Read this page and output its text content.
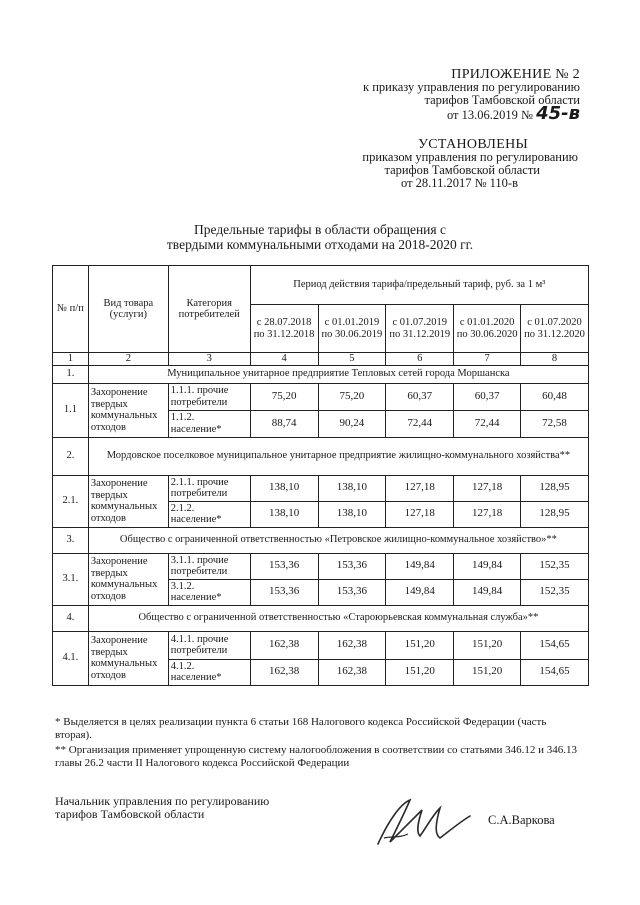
ПРИЛОЖЕНИЕ № 2
к приказу управления по регулированию
тарифов Тамбовской области
от 13.06.2019 № 45-в
УСТАНОВЛЕНЫ
приказом управления по регулированию
тарифов Тамбовской области
от 28.11.2017 № 110-в
Предельные тарифы в области обращения с
твердыми коммунальными отходами на 2018-2020 гг.
№ п/п	Вид товара (услуги)	Категория потребителей	Период действия тарифа/предельный тариф, руб. за 1 м³				
			с 28.07.2018 по 31.12.2018	с 01.01.2019 по 30.06.2019	с 01.07.2019 по 31.12.2019	с 01.01.2020 по 30.06.2020	с 01.07.2020 по 31.12.2020
1	2	3	4	5	6	7	8
1.	Муниципальное унитарное предприятие Тепловых сетей города Моршанска						
1.1	Захоронение твердых коммунальных отходов	1.1.1. прочие потребители	75,20	75,20	60,37	60,37	60,48
		1.1.2. население*	88,74	90,24	72,44	72,44	72,58
2.	Мордовское поселковое муниципальное унитарное предприятие жилищно-коммунального хозяйства**						
2.1.	Захоронение твердых коммунальных отходов	2.1.1. прочие потребители	138,10	138,10	127,18	127,18	128,95
		2.1.2. население*	138,10	138,10	127,18	127,18	128,95
3.	Общество с ограниченной ответственностью «Петровское жилищно-коммунальное хозяйство»**						
3.1.	Захоронение твердых коммунальных отходов	3.1.1. прочие потребители	153,36	153,36	149,84	149,84	152,35
		3.1.2. население*	153,36	153,36	149,84	149,84	152,35
4.	Общество с ограниченной ответственностью «Староюрьевская коммунальная служба»**						
4.1.	Захоронение твердых коммунальных отходов	4.1.1. прочие потребители	162,38	162,38	151,20	151,20	154,65
		4.1.2. население*	162,38	162,38	151,20	151,20	154,65

* Выделяется в целях реализации пункта 6 статьи 168 Налогового кодекса Российской Федерации (часть вторая).

** Организация применяет упрощенную систему налогообложения в соответствии со статьями 346.12 и 346.13 главы 26.2 части II Налогового кодекса Российской Федерации

Начальник управления по регулированию
тарифов Тамбовской области	С.А.Варкова
